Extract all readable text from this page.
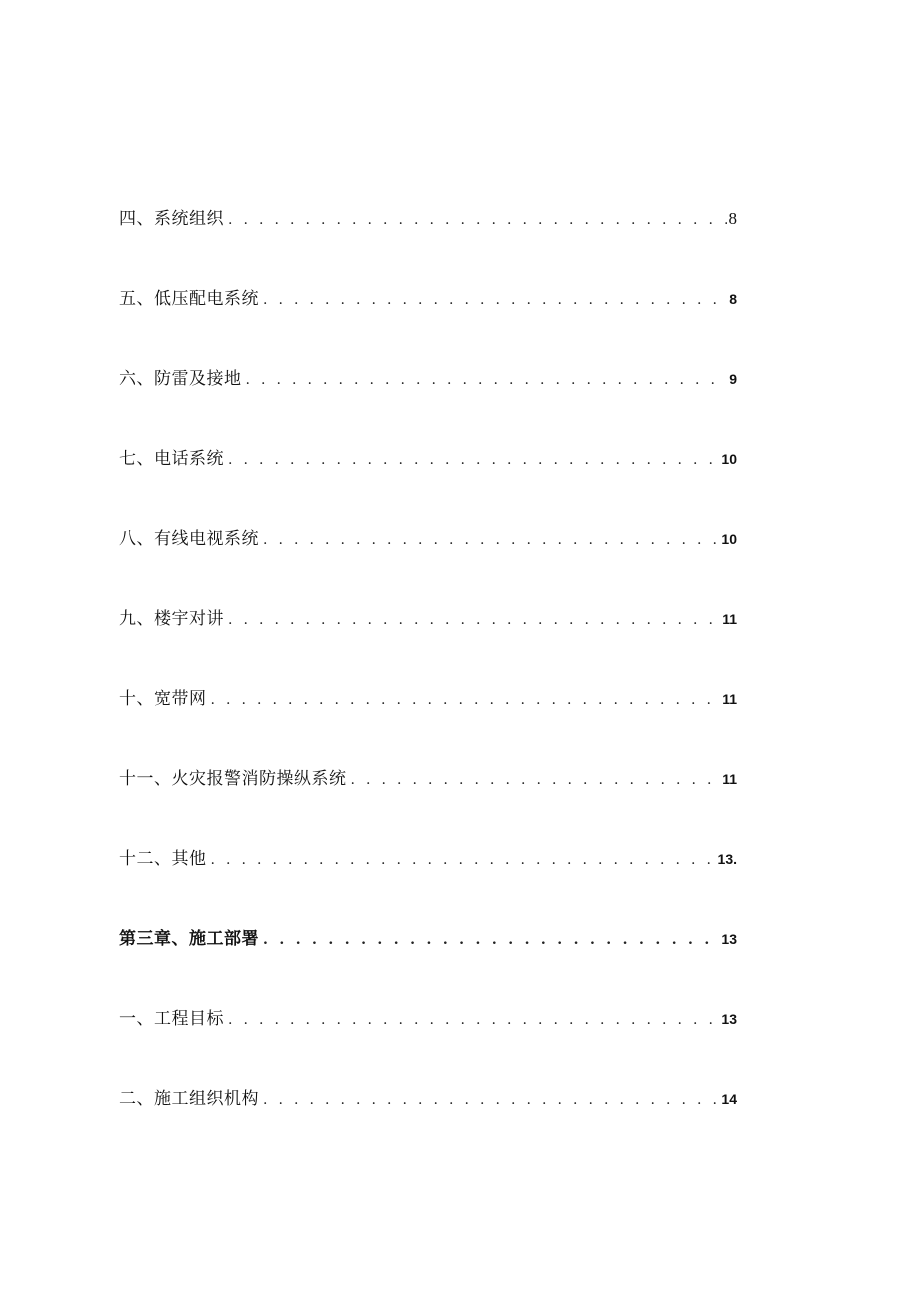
四、系统组织 . . .	8
五、低压配电系统 . . .	8
六、防雷及接地 . . .	9
七、电话系统 . . .	10
八、有线电视系统 . . .	10
九、楼宇对讲 . . .	11
十、宽带网 . . .	11
十一、火灾报警消防操纵系统 . . .	11
十二、其他 . . .	13.
第三章、施工部署 . . .	13
一、工程目标 . . .	13
二、施工组织机构 . . .	14
